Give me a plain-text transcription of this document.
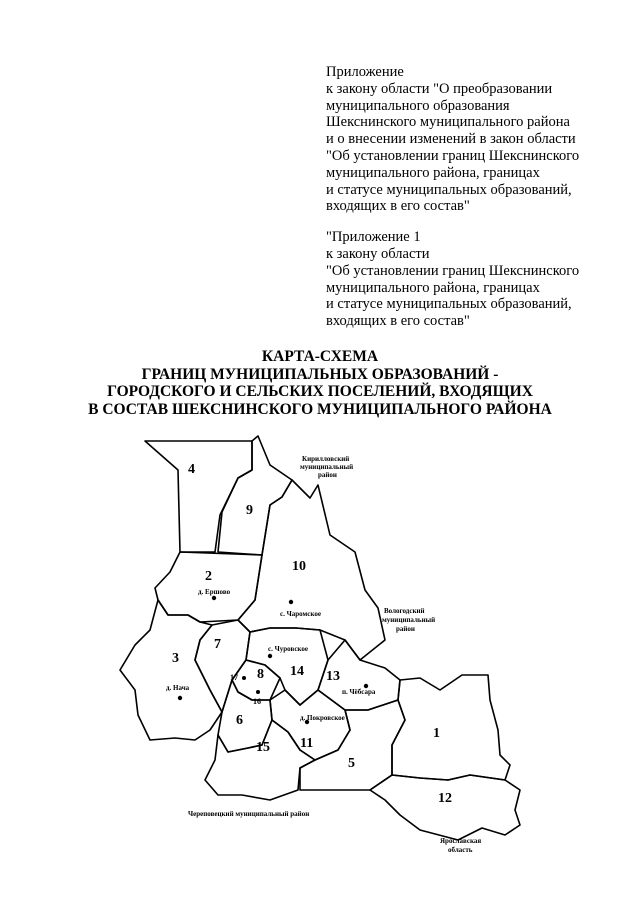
Приложение
к закону области "О преобразовании
муниципального образования
Шекснинского муниципального района
и о внесении изменений в закон области
"Об установлении границ Шекснинского
муниципального района, границах
и статусе муниципальных образований,
входящих в его состав"
"Приложение 1
к закону области
"Об установлении границ Шекснинского
муниципального района, границах
и статусе муниципальных образований,
входящих в его состав"
КАРТА-СХЕМА
ГРАНИЦ МУНИЦИПАЛЬНЫХ ОБРАЗОВАНИЙ -
ГОРОДСКОГО И СЕЛЬСКИХ ПОСЕЛЕНИЙ, ВХОДЯЩИХ
В СОСТАВ ШЕКСНИНСКОГО МУНИЦИПАЛЬНОГО РАЙОНА
4
9
10
2
3
7
8
6
14 13
15 11
5
1
12
17
16
д. Ершово
с. Чаромское
с. Чуровское
д. Нача	п. Чёбсара
д. Покровское
Кирилловский
муниципальный
район
Вологодский
муниципальный
район
Череповецкий муниципальный район
Ярославская
область
